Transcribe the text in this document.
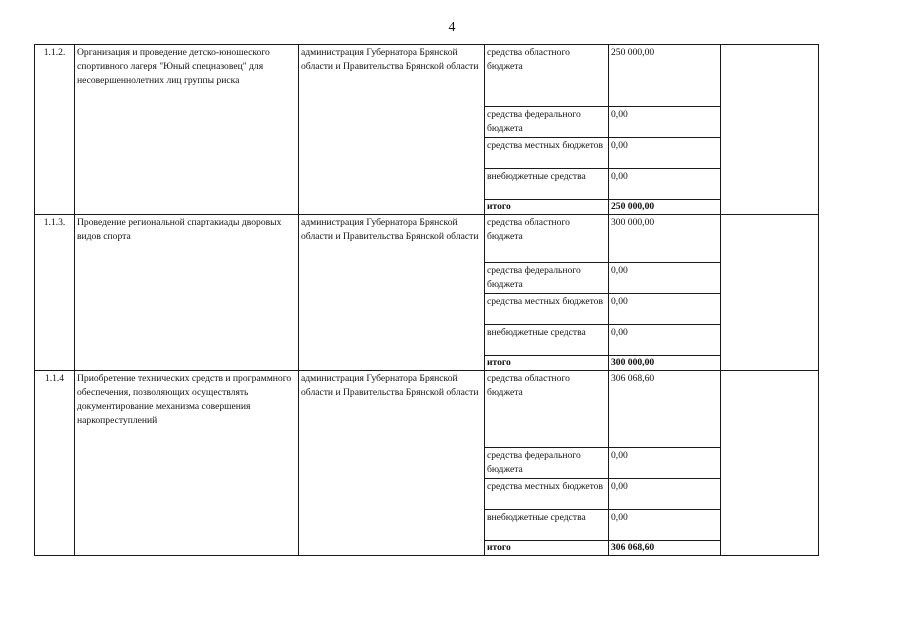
4
1.1.2.	Организация и проведение детско-юношеского спортивного лагеря "Юный спецназовец" для несовершеннолетних лиц группы риска	администрация Губернатора Брянской области и Правительства Брянской области	средства областного бюджета	250 000,00	
			средства федерального бюджета	0,00	
			средства местных бюджетов	0,00	
			внебюджетные средства	0,00	
			итого	250 000,00	
1.1.3.	Проведение региональной спартакиады дворовых видов спорта	администрация Губернатора Брянской области и Правительства Брянской области	средства областного бюджета	300 000,00	
			средства федерального бюджета	0,00	
			средства местных бюджетов	0,00	
			внебюджетные средства	0,00	
			итого	300 000,00	
1.1.4	Приобретение технических средств и программного обеспечения, позволяющих осуществлять документирование механизма совершения наркопреступлений	администрация Губернатора Брянской области и Правительства Брянской области	средства областного бюджета	306 068,60	
			средства федерального бюджета	0,00	
			средства местных бюджетов	0,00	
			внебюджетные средства	0,00	
			итого	306 068,60	
